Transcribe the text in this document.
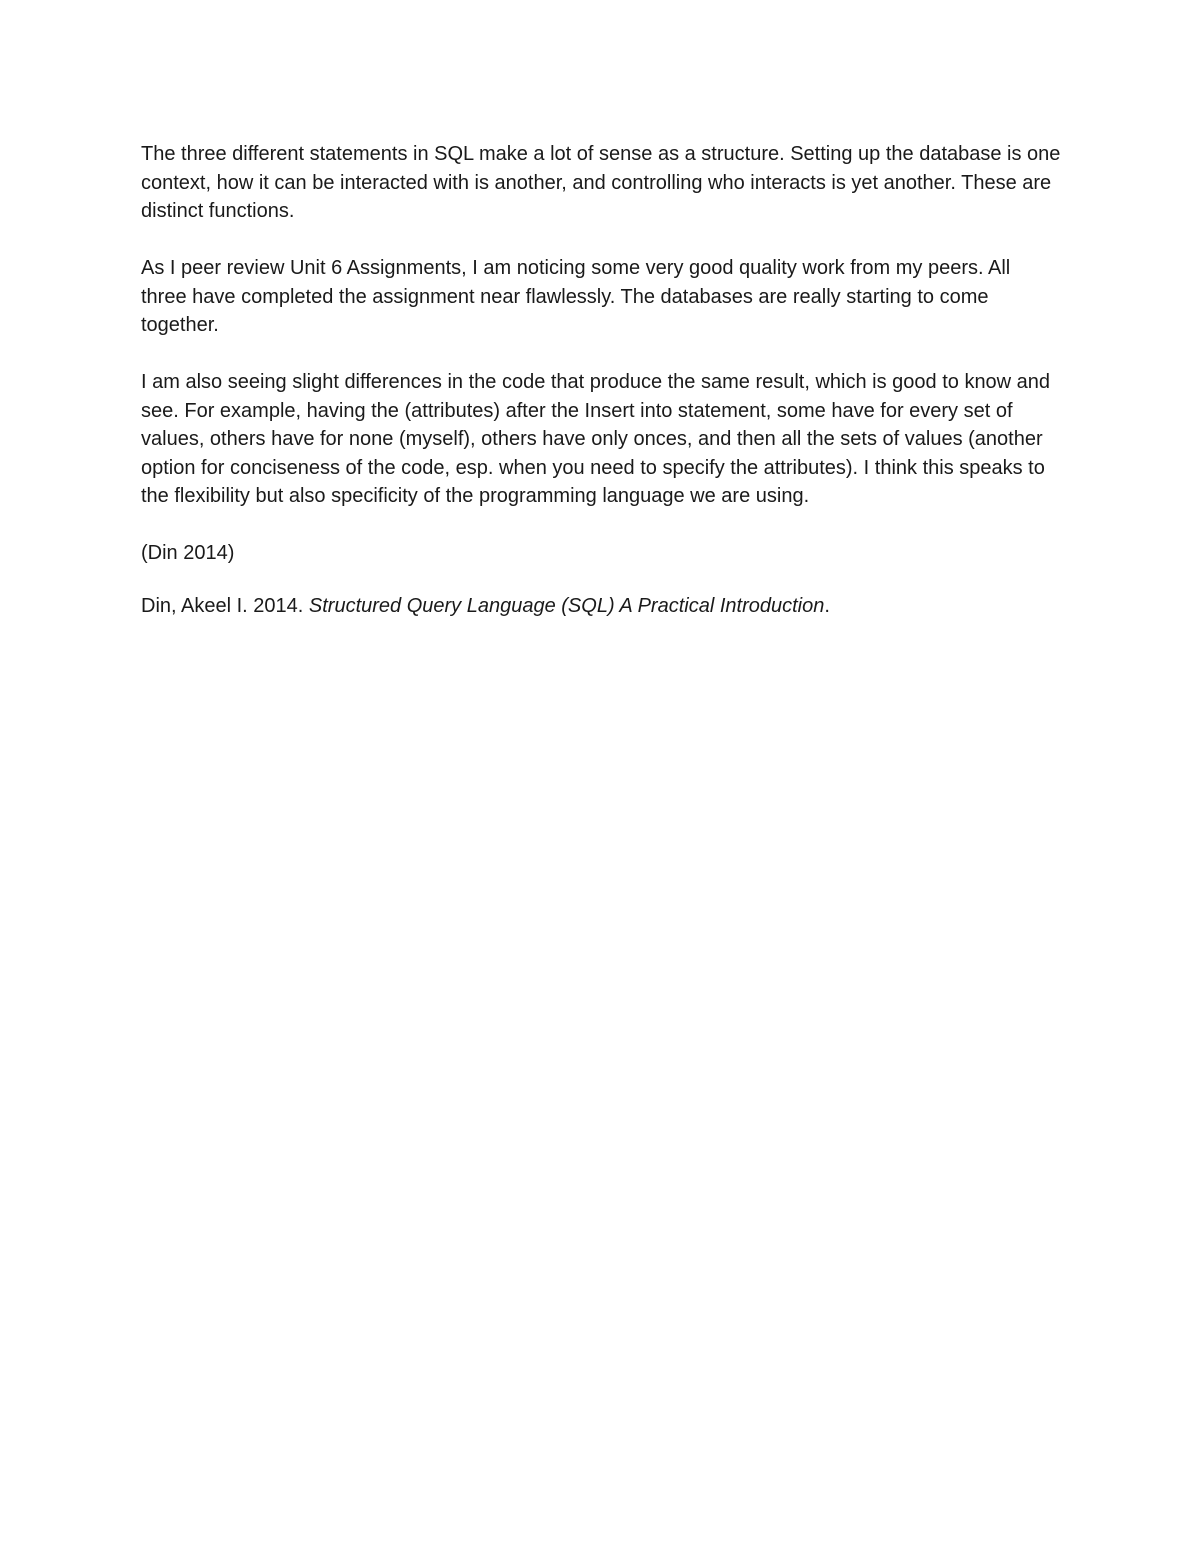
The three different statements in SQL make a lot of sense as a structure. Setting up the database is one context, how it can be interacted with is another, and controlling who interacts is yet another. These are distinct functions.

As I peer review Unit 6 Assignments, I am noticing some very good quality work from my peers. All three have completed the assignment near flawlessly. The databases are really starting to come together.

I am also seeing slight differences in the code that produce the same result, which is good to know and see. For example, having the (attributes) after the Insert into statement, some have for every set of values, others have for none (myself), others have only onces, and then all the sets of values (another option for conciseness of the code, esp. when you need to specify the attributes). I think this speaks to the flexibility but also specificity of the programming language we are using.

(Din 2014)

Din, Akeel I. 2014. Structured Query Language (SQL) A Practical Introduction.
